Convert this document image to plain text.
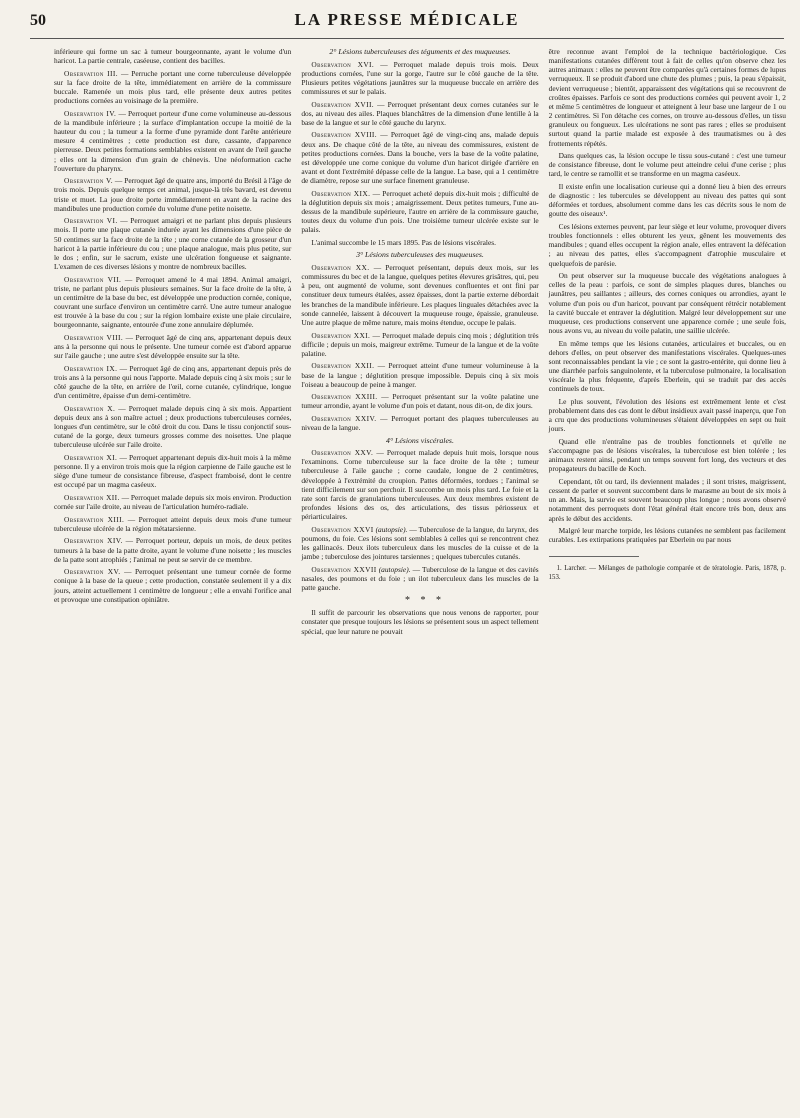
50	LA PRESSE MÉDICALE

inférieure qui forme un sac à tumeur bourgeonnante, ayant le volume d'un haricot. La partie centrale, caséeuse, contient des bacilles.

Observation III. — Perruche portant une corne tuberculeuse développée sur la face droite de la tête, immédiatement en arrière de la commissure buccale. Ramenée un mois plus tard, elle présente deux autres petites productions cornées au voisinage de la première.

Observation IV. — Perroquet porteur d'une corne volumineuse au-dessous de la mandibule inférieure ; la surface d'implantation occupe la moitié de la hauteur du cou ; la tumeur a la forme d'une pyramide dont l'arête antérieure mesure 4 centimètres ; cette production est dure, cassante, d'apparence pierreuse. Deux petites formations semblables existent en avant de l'œil gauche ; elles ont la dimension d'un grain de chènevis. Une néoformation cache l'ouverture du pharynx.

Observation V. — Perroquet âgé de quatre ans, importé du Brésil à l'âge de trois mois. Depuis quelque temps cet animal, jusque-là très bavard, est devenu triste et muet. La joue droite porte immédiatement en avant de la racine des mandibules une production cornée du volume d'une petite noisette.

Observation VI. — Perroquet amaigri et ne parlant plus depuis plusieurs mois. Il porte une plaque cutanée indurée ayant les dimensions d'une pièce de 50 centimes sur la face droite de la tête ; une corne cutanée de la grosseur d'un haricot à la partie inférieure du cou ; une plaque analogue, mais plus petite, sur le dos ; enfin, sur le sacrum, existe une ulcération fongueuse et saignante. L'examen de ces diverses lésions y montre de nombreux bacilles.

Observation VII. — Perroquet amené le 4 mai 1894. Animal amaigri, triste, ne parlant plus depuis plusieurs semaines. Sur la face droite de la tête, à un centimètre de la base du bec, est développée une production cornée, conique, couvrant une surface d'environ un centimètre carré. Une autre tumeur analogue est trouvée à la base du cou ; sur la région lombaire existe une plaie circulaire, bourgeonnante, saignante, entourée d'une zone annulaire déplumée.

Observation VIII. — Perroquet âgé de cinq ans, appartenant depuis deux ans à la personne qui nous le présente. Une tumeur cornée est d'abord apparue sur l'aile gauche ; une autre s'est développée ensuite sur la tête.

Observation IX. — Perroquet âgé de cinq ans, appartenant depuis près de trois ans à la personne qui nous l'apporte. Malade depuis cinq à six mois ; sur le côté gauche de la tête, en arrière de l'œil, corne cutanée, cylindrique, longue d'un centimètre, épaisse d'un demi-centimètre.

Observation X. — Perroquet malade depuis cinq à six mois. Appartient depuis deux ans à son maître actuel ; deux productions tuberculeuses cornées, longues d'un centimètre, sur le côté droit du cou. Dans le tissu conjonctif sous-cutané de la gorge, deux tumeurs grosses comme des noisettes. Une plaque tuberculeuse ulcérée sur l'aile droite.

Observation XI. — Perroquet appartenant depuis dix-huit mois à la même personne. Il y a environ trois mois que la région carpienne de l'aile gauche est le siège d'une tumeur de consistance fibreuse, d'aspect framboisé, dont le centre est occupé par un magma caséeux.

Observation XII. — Perroquet malade depuis six mois environ. Production cornée sur l'aile droite, au niveau de l'articulation huméro-radiale.

Observation XIII. — Perroquet atteint depuis deux mois d'une tumeur tuberculeuse ulcérée de la région métatarsienne.

Observation XIV. — Perroquet porteur, depuis un mois, de deux petites tumeurs à la base de la patte droite, ayant le volume d'une noisette ; les muscles de la patte sont atrophiés ; l'animal ne peut se servir de ce membre.

Observation XV. — Perroquet présentant une tumeur cornée de forme conique à la base de la queue ; cette production, constatée seulement il y a dix jours, atteint actuellement 1 centimètre de longueur ; elle a envahi l'orifice anal et provoque une constipation opiniâtre.

2° Lésions tuberculeuses des téguments et des muqueuses.

Observation XVI. — Perroquet malade depuis trois mois. Deux productions cornées, l'une sur la gorge, l'autre sur le côté gauche de la tête. Plusieurs petites végétations jaunâtres sur la muqueuse buccale en arrière des commissures et sur le palais.

Observation XVII. — Perroquet présentant deux cornes cutanées sur le dos, au niveau des ailes. Plaques blanchâtres de la dimension d'une lentille à la base de la langue et sur le côté gauche du larynx.

Observation XVIII. — Perroquet âgé de vingt-cinq ans, malade depuis deux ans. De chaque côté de la tête, au niveau des commissures, existent de petites productions cornées. Dans la bouche, vers la base de la voûte palatine, est développée une corne conique du volume d'un haricot dirigée d'arrière en avant et dont l'extrémité dépasse celle de la langue. La base, qui a 1 centimètre de diamètre, repose sur une surface finement granuleuse.

Observation XIX. — Perroquet acheté depuis dix-huit mois ; difficulté de la déglutition depuis six mois ; amaigrissement. Deux petites tumeurs, l'une au-dessus de la mandibule supérieure, l'autre en arrière de la commissure gauche, toutes deux du volume d'un pois. Une troisième tumeur ulcérée existe sur le palais.

L'animal succombe le 15 mars 1895. Pas de lésions viscérales.

3° Lésions tuberculeuses des muqueuses.

Observation XX. — Perroquet présentant, depuis deux mois, sur les commissures du bec et de la langue, quelques petites élevures grisâtres, qui, peu à peu, ont augmenté de volume, sont devenues confluentes et ont fini par constituer deux tumeurs étalées, assez épaisses, dont la partie externe débordait les branches de la mandibule inférieure. Les plaques linguales détachées avec la sonde cannelée, laissent à découvert la muqueuse rouge, épaissie, granuleuse. Une autre plaque de même nature, mais moins étendue, occupe le palais.

Observation XXI. — Perroquet malade depuis cinq mois ; déglutition très difficile ; depuis un mois, maigreur extrême. Tumeur de la langue et de la voûte palatine.

Observation XXII. — Perroquet atteint d'une tumeur volumineuse à la base de la langue ; déglutition presque impossible. Depuis cinq à six mois l'oiseau a beaucoup de peine à manger.

Observation XXIII. — Perroquet présentant sur la voûte palatine une tumeur arrondie, ayant le volume d'un pois et datant, nous dit-on, de dix jours.

Observation XXIV. — Perroquet portant des plaques tuberculeuses au niveau de la langue.

4° Lésions viscérales.

Observation XXV. — Perroquet malade depuis huit mois, lorsque nous l'examinons. Corne tuberculeuse sur la face droite de la tête ; tumeur tuberculeuse à l'aile gauche ; corne caudale, longue de 2 centimètres, développée à l'extrémité du croupion. Pattes déformées, tordues ; l'animal se tient difficilement sur son perchoir. Il succombe un mois plus tard. Le foie et la rate sont farcis de granulations tuberculeuses. Aux deux membres existent de profondes lésions des os, des articulations, des tissus périosseux et périarticulaires.

Observation XXVI (autopsie). — Tuberculose de la langue, du larynx, des poumons, du foie. Ces lésions sont semblables à celles qui se rencontrent chez les gallinacés. Deux ilots tuberculeux dans les muscles de la cuisse et de la jambe ; tuberculose des jointures tarsiennes ; quelques tubercules cutanés.

Observation XXVII (autopsie). — Tuberculose de la langue et des cavités nasales, des poumons et du foie ; un ilot tuberculeux dans les muscles de la patte gauche.

* * *

Il suffit de parcourir les observations que nous venons de rapporter, pour constater que presque toujours les lésions se présentent sous un aspect tellement spécial, que leur nature ne pouvait

être reconnue avant l'emploi de la technique bactériologique. Ces manifestations cutanées diffèrent tout à fait de celles qu'on observe chez les autres animaux : elles ne peuvent être comparées qu'à certaines formes de lupus verruqueux. Il se produit d'abord une chute des plumes ; puis, la peau s'épaissit, devient verruqueuse ; bientôt, apparaissent des végétations qui se recouvrent de croûtes épaisses. Parfois ce sont des productions cornées qui peuvent avoir 1, 2 et même 5 centimètres de longueur et atteignent à leur base une largeur de 1 ou 2 centimètres. Si l'on détache ces cornes, on trouve au-dessous d'elles, un tissu granuleux ou fongueux. Les ulcérations ne sont pas rares ; elles se produisent surtout quand la partie malade est exposée à des traumatismes ou à des frottements répétés.

Dans quelques cas, la lésion occupe le tissu sous-cutané : c'est une tumeur de consistance fibreuse, dont le volume peut atteindre celui d'une cerise ; plus tard, le centre se ramollit et se transforme en un magma caséeux.

Il existe enfin une localisation curieuse qui a donné lieu à bien des erreurs de diagnostic : les tubercules se développent au niveau des pattes qui sont déformées et tordues, absolument comme dans les cas décrits sous le nom de goutte des oiseaux¹.

Ces lésions externes peuvent, par leur siège et leur volume, provoquer divers troubles fonctionnels : elles obturent les yeux, gênent les mouvements des mandibules ; quand elles occupent la région anale, elles entravent la défécation ; au niveau des pattes, elles s'accompagnent d'atrophie musculaire et quelquefois de parésie.

On peut observer sur la muqueuse buccale des végétations analogues à celles de la peau : parfois, ce sont de simples plaques dures, blanches ou jaunâtres, peu saillantes ; ailleurs, des cornes coniques ou arrondies, ayant le volume d'un pois ou d'un haricot, pouvant par conséquent rétrécir notablement la cavité buccale et entraver la déglutition. Malgré leur développement sur une muqueuse, ces productions conservent une apparence cornée ; une seule fois, nous avons vu, au niveau du voile palatin, une saillie ulcérée.

En même temps que les lésions cutanées, articulaires et buccales, ou en dehors d'elles, on peut observer des manifestations viscérales. Quelques-unes sont reconnaissables pendant la vie ; ce sont la gastro-entérite, qui donne lieu à une diarrhée parfois sanguinolente, et la tuberculose pulmonaire, la localisation viscérale la plus fréquente, d'après Eberlein, qui se traduit par des accès continuels de toux.

Le plus souvent, l'évolution des lésions est extrêmement lente et c'est probablement dans des cas dont le début insidieux avait passé inaperçu, que l'on a cru que des productions volumineuses s'étaient développées en sept ou huit jours.

Quand elle n'entraîne pas de troubles fonctionnels et qu'elle ne s'accompagne pas de lésions viscérales, la tuberculose est bien tolérée ; les animaux restent ainsi, pendant un temps souvent fort long, des vecteurs et des propagateurs du bacille de Koch.

Cependant, tôt ou tard, ils deviennent malades ; il sont tristes, maigrissent, cessent de parler et souvent succombent dans le marasme au bout de six mois à un an. Mais, la survie est souvent beaucoup plus longue ; nous avons observé notamment des perroquets dont l'état général était encore très bon, deux ans après le début des accidents.

Malgré leur marche torpide, les lésions cutanées ne semblent pas facilement curables. Les extirpations pratiquées par Eberlein ou par nous

1. Larcher. — Mélanges de pathologie comparée et de tératologie. Paris, 1878, p. 153.
